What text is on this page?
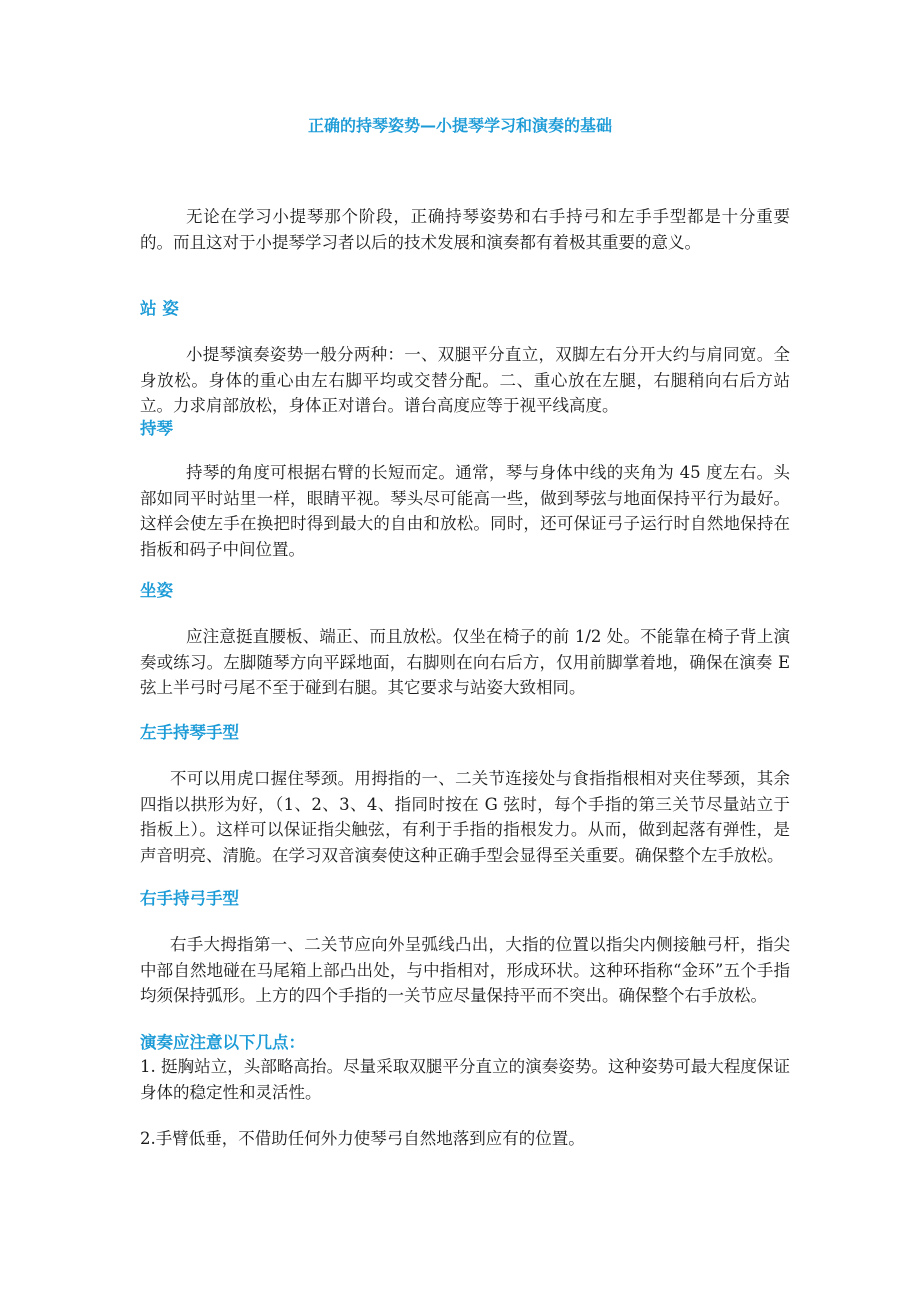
正确的持琴姿势—小提琴学习和演奏的基础

无论在学习小提琴那个阶段，正确持琴姿势和右手持弓和左手手型都是十分重要的。而且这对于小提琴学习者以后的技术发展和演奏都有着极其重要的意义。

站 姿

小提琴演奏姿势一般分两种：一、双腿平分直立，双脚左右分开大约与肩同宽。全身放松。身体的重心由左右脚平均或交替分配。二、重心放在左腿，右腿稍向右后方站立。力求肩部放松，身体正对谱台。谱台高度应等于视平线高度。

持琴

持琴的角度可根据右臂的长短而定。通常，琴与身体中线的夹角为 45 度左右。头部如同平时站里一样，眼睛平视。琴头尽可能高一些，做到琴弦与地面保持平行为最好。这样会使左手在换把时得到最大的自由和放松。同时，还可保证弓子运行时自然地保持在指板和码子中间位置。

坐姿

应注意挺直腰板、端正、而且放松。仅坐在椅子的前 1/2 处。不能靠在椅子背上演奏或练习。左脚随琴方向平踩地面，右脚则在向右后方，仅用前脚掌着地，确保在演奏 E 弦上半弓时弓尾不至于碰到右腿。其它要求与站姿大致相同。

左手持琴手型

不可以用虎口握住琴颈。用拇指的一、二关节连接处与食指指根相对夹住琴颈，其余四指以拱形为好，（1、2、3、4、指同时按在 G 弦时，每个手指的第三关节尽量站立于指板上）。这样可以保证指尖触弦，有利于手指的指根发力。从而，做到起落有弹性，是声音明亮、清脆。在学习双音演奏使这种正确手型会显得至关重要。确保整个左手放松。

右手持弓手型

右手大拇指第一、二关节应向外呈弧线凸出，大指的位置以指尖内侧接触弓杆，指尖中部自然地碰在马尾箱上部凸出处，与中指相对，形成环状。这种环指称“金环”五个手指均须保持弧形。上方的四个手指的一关节应尽量保持平而不突出。确保整个右手放松。

演奏应注意以下几点：

1. 挺胸站立，头部略高抬。尽量采取双腿平分直立的演奏姿势。这种姿势可最大程度保证身体的稳定性和灵活性。

2.手臂低垂，不借助任何外力使琴弓自然地落到应有的位置。
